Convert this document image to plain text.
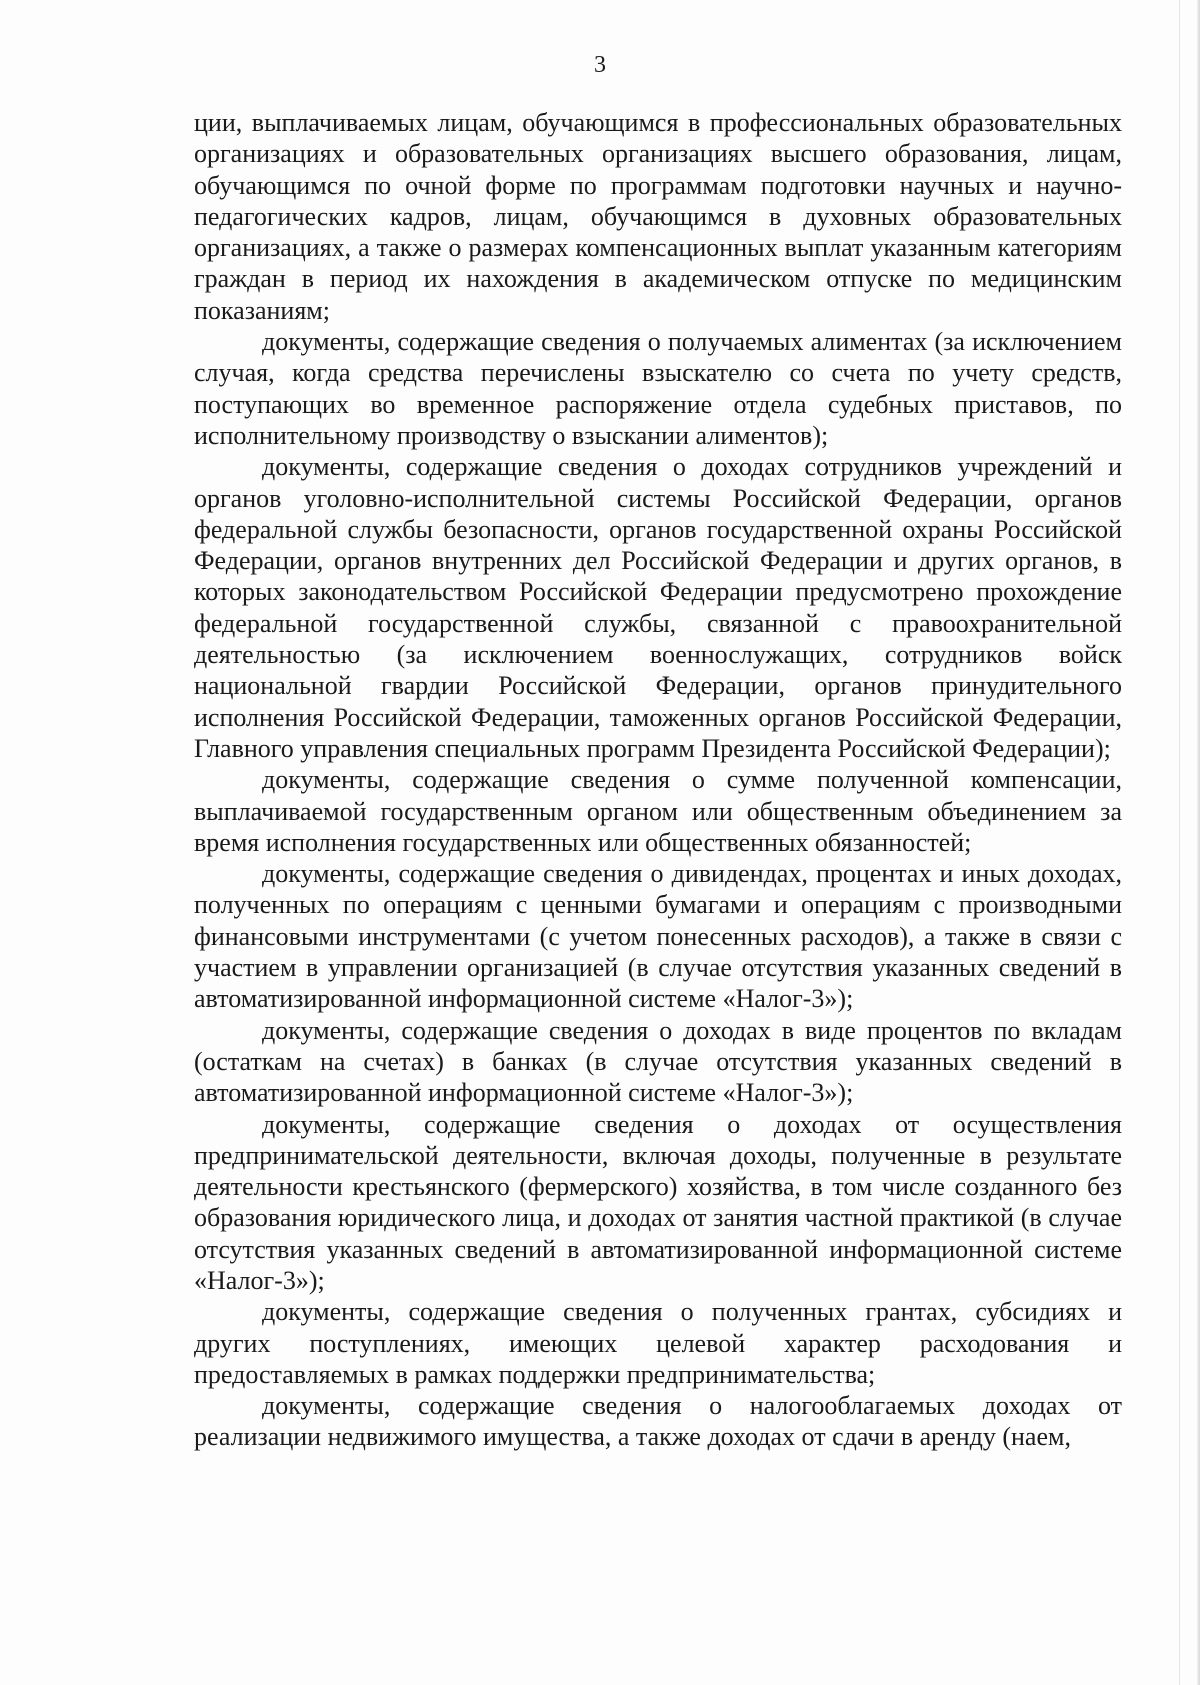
3

ции, выплачиваемых лицам, обучающимся в профессиональных образовательных организациях и образовательных организациях высшего образования, лицам, обучающимся по очной форме по программам подготовки научных и научно-педагогических кадров, лицам, обучающимся в духовных образовательных организациях, а также о размерах компенсационных выплат указанным категориям граждан в период их нахождения в академическом отпуске по медицинским показаниям;

документы, содержащие сведения о получаемых алиментах (за исключением случая, когда средства перечислены взыскателю со счета по учету средств, поступающих во временное распоряжение отдела судебных приставов, по исполнительному производству о взыскании алиментов);

документы, содержащие сведения о доходах сотрудников учреждений и органов уголовно-исполнительной системы Российской Федерации, органов федеральной службы безопасности, органов государственной охраны Российской Федерации, органов внутренних дел Российской Федерации и других органов, в которых законодательством Российской Федерации предусмотрено прохождение федеральной государственной службы, связанной с правоохранительной деятельностью (за исключением военнослужащих, сотрудников войск национальной гвардии Российской Федерации, органов принудительного исполнения Российской Федерации, таможенных органов Российской Федерации, Главного управления специальных программ Президента Российской Федерации);

документы, содержащие сведения о сумме полученной компенсации, выплачиваемой государственным органом или общественным объединением за время исполнения государственных или общественных обязанностей;

документы, содержащие сведения о дивидендах, процентах и иных доходах, полученных по операциям с ценными бумагами и операциям с производными финансовыми инструментами (с учетом понесенных расходов), а также в связи с участием в управлении организацией (в случае отсутствия указанных сведений в автоматизированной информационной системе «Налог-3»);

документы, содержащие сведения о доходах в виде процентов по вкладам (остаткам на счетах) в банках (в случае отсутствия указанных сведений в автоматизированной информационной системе «Налог-3»);

документы, содержащие сведения о доходах от осуществления предпринимательской деятельности, включая доходы, полученные в результате деятельности крестьянского (фермерского) хозяйства, в том числе созданного без образования юридического лица, и доходах от занятия частной практикой (в случае отсутствия указанных сведений в автоматизированной информационной системе «Налог-3»);

документы, содержащие сведения о полученных грантах, субсидиях и других поступлениях, имеющих целевой характер расходования и предоставляемых в рамках поддержки предпринимательства;

документы, содержащие сведения о налогооблагаемых доходах от реализации недвижимого имущества, а также доходах от сдачи в аренду (наем,
